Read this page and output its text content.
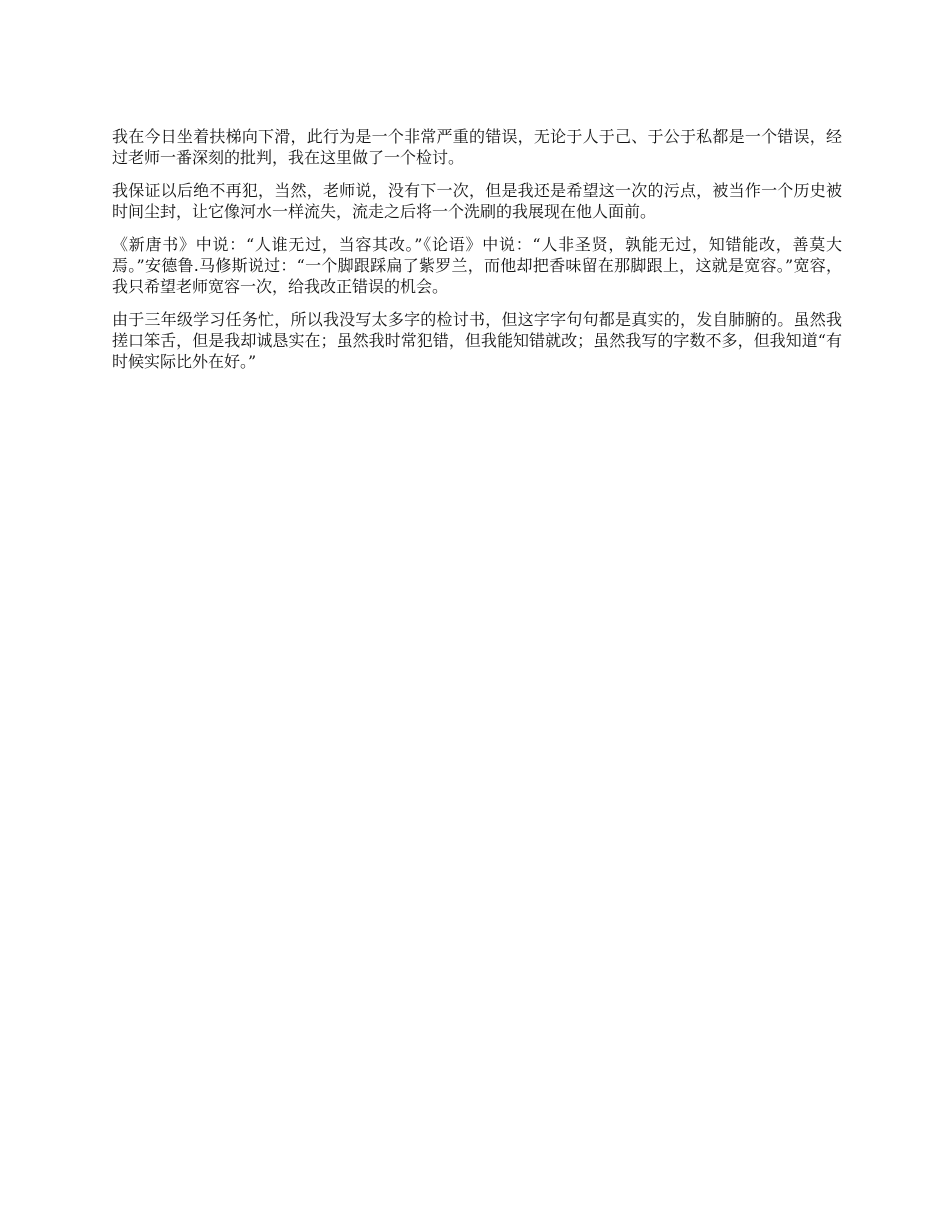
我在今日坐着扶梯向下滑，此行为是一个非常严重的错误，无论于人于己、于公于私都是一个错误，经过老师一番深刻的批判，我在这里做了一个检讨。

我保证以后绝不再犯，当然，老师说，没有下一次，但是我还是希望这一次的污点，被当作一个历史被时间尘封，让它像河水一样流失，流走之后将一个洗刷的我展现在他人面前。

《新唐书》中说：“人谁无过，当容其改。”《论语》中说：“人非圣贤，孰能无过，知错能改，善莫大焉。”安德鲁.马修斯说过：“一个脚跟踩扁了紫罗兰，而他却把香味留在那脚跟上，这就是宽容。”宽容，我只希望老师宽容一次，给我改正错误的机会。

由于三年级学习任务忙，所以我没写太多字的检讨书，但这字字句句都是真实的，发自肺腑的。虽然我搓口笨舌，但是我却诚恳实在；虽然我时常犯错，但我能知错就改；虽然我写的字数不多，但我知道“有时候实际比外在好。”
